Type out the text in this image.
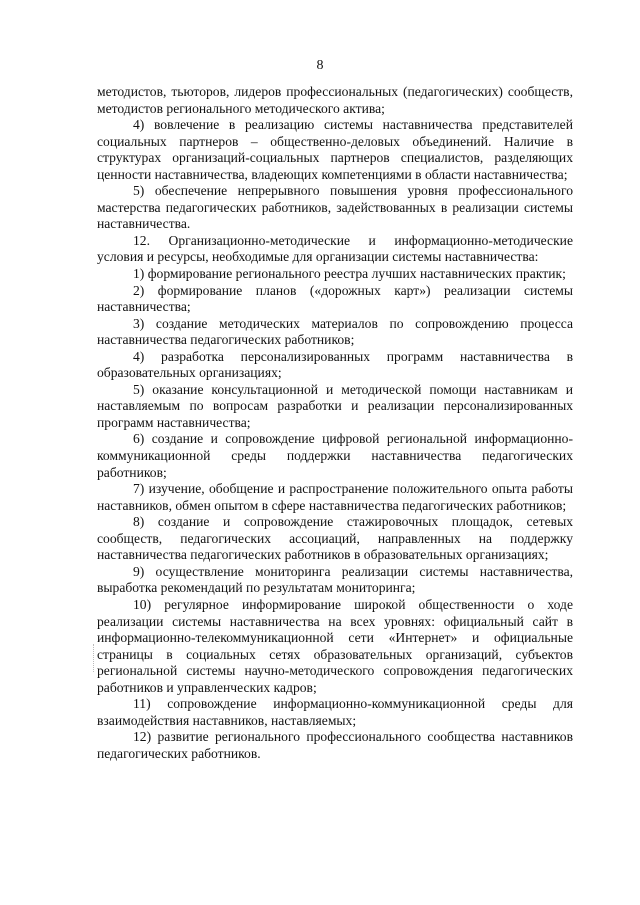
8

методистов, тьюторов, лидеров профессиональных (педагогических) сообществ, методистов регионального методического актива;

4) вовлечение в реализацию системы наставничества представителей социальных партнеров – общественно-деловых объединений. Наличие в структурах организаций-социальных партнеров специалистов, разделяющих ценности наставничества, владеющих компетенциями в области наставничества;

5) обеспечение непрерывного повышения уровня профессионального мастерства педагогических работников, задействованных в реализации системы наставничества.

12. Организационно-методические и информационно-методические условия и ресурсы, необходимые для организации системы наставничества:

1) формирование регионального реестра лучших наставнических практик;

2) формирование планов («дорожных карт») реализации системы наставничества;

3) создание методических материалов по сопровождению процесса наставничества педагогических работников;

4) разработка персонализированных программ наставничества в образовательных организациях;

5) оказание консультационной и методической помощи наставникам и наставляемым по вопросам разработки и реализации персонализированных программ наставничества;

6) создание и сопровождение цифровой региональной информационно-коммуникационной среды поддержки наставничества педагогических работников;

7) изучение, обобщение и распространение положительного опыта работы наставников, обмен опытом в сфере наставничества педагогических работников;

8) создание и сопровождение стажировочных площадок, сетевых сообществ, педагогических ассоциаций, направленных на поддержку наставничества педагогических работников в образовательных организациях;

9) осуществление мониторинга реализации системы наставничества, выработка рекомендаций по результатам мониторинга;

10) регулярное информирование широкой общественности о ходе реализации системы наставничества на всех уровнях: официальный сайт в информационно-телекоммуникационной сети «Интернет» и официальные страницы в социальных сетях образовательных организаций, субъектов региональной системы научно-методического сопровождения педагогических работников и управленческих кадров;

11) сопровождение информационно-коммуникационной среды для взаимодействия наставников, наставляемых;

12) развитие регионального профессионального сообщества наставников педагогических работников.
